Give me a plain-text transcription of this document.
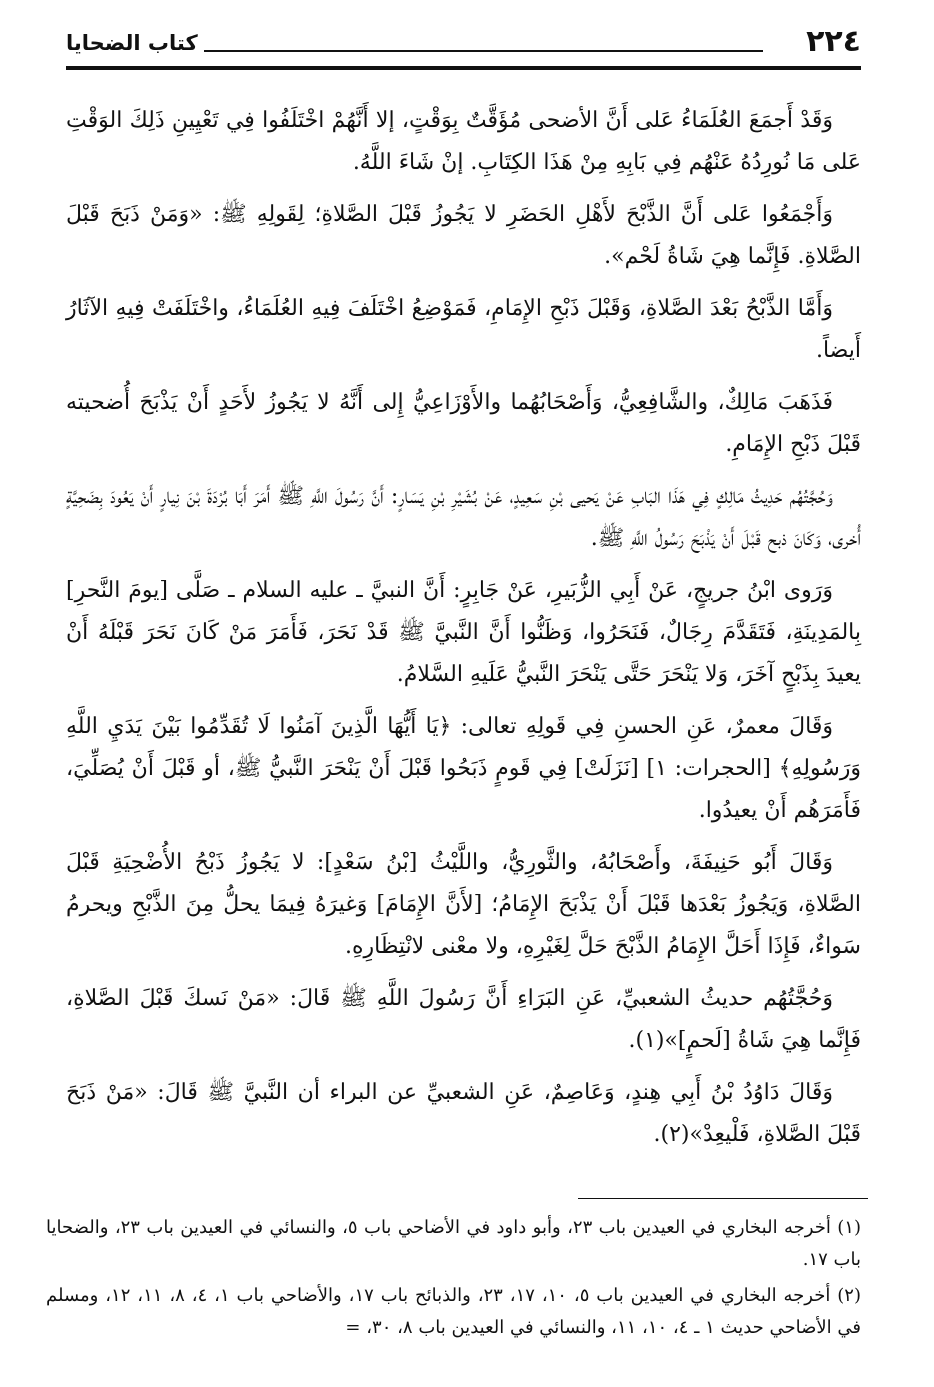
٢٢٤
كتاب الضحايا

وَقَدْ أَجمَعَ العُلَمَاءُ عَلى أَنَّ الأضحى مُؤَقَّتٌ بِوَقْتٍ، إلا أَنَّهُمْ اخْتَلَفُوا فِي تَعْيِينِ ذَلِكَ الوَقْتِ عَلى مَا نُورِدُهُ عَنْهُم فِي بَابِهِ مِنْ هَذَا الكِتَابِ. إنْ شَاءَ اللَّهُ.

وَأَجْمَعُوا عَلى أَنَّ الذَّبْحَ لأَهْلِ الحَضَرِ لا يَجُوزُ قَبْلَ الصَّلاةِ؛ لِقَولِهِ ﷺ: «وَمَنْ ذَبَحَ قَبْلَ الصَّلاةِ. فَإِنَّما هِيَ شَاةُ لَحْم».

وَأَمَّا الذَّبْحُ بَعْدَ الصَّلاةِ، وَقَبْلَ ذَبْحِ الإِمَامِ، فَمَوْضِعُ اخْتَلَفَ فِيهِ العُلَمَاءُ، واخْتَلَفَتْ فِيهِ الآثَارُ أَيضاً.

فَذَهَبَ مَالِكٌ، والشَّافِعِيُّ، وَأَصْحَابُهُما والأَوْزَاعِيُّ إِلى أَنَّهُ لا يَجُوزُ لأَحَدٍ أَنْ يَذْبَحَ أُضحيته قَبْلَ ذَبْحِ الإِمَامِ.

وَحُجَّتُهُم حَدِيثُ مَالِكٍ فِي هَذَا البَابِ عَنْ يَحيى بْنِ سَعِيدٍ، عَنْ بُشَيْرِ بْنِ يَسَارٍ: أَنَّ رَسُولَ اللَّهِ ﷺ أَمَرَ أَبَا بُرْدَةَ بْنَ نِيارٍ أَنْ يَعُودَ بِضَحِيَّةٍ أُخرى، وَكَانَ ذبح قَبْلَ أَنْ يَذْبَحَ رَسُولُ اللَّهِ ﷺ.

وَرَوى ابْنُ جريجٍ، عَنْ أَبِي الزُّبَيرِ، عَنْ جَابِرٍ: أَنَّ النبيَّ ـ عليه السلام ـ صَلَّى [يومَ النَّحرِ] بِالمَدِينَةِ، فَتَقَدَّمَ رِجَالٌ، فَنَحَرُوا، وَظَنُّوا أَنَّ النَّبيَّ ﷺ قَدْ نَحَرَ، فَأَمَرَ مَنْ كَانَ نَحَرَ قَبْلَهُ أَنْ يعيدَ بِذَبْحٍ آخَرَ، وَلا يَنْحَرَ حَتَّى يَنْحَرَ النَّبيُّ عَلَيهِ السَّلامُ.

وَقَالَ معمرٌ، عَنِ الحسنِ فِي قَولِهِ تعالى: ﴿يَا أَيُّهَا الَّذِينَ آمَنُوا لَا تُقَدِّمُوا بَيْنَ يَدَيِ اللَّهِ وَرَسُولِهِ﴾ [الحجرات: ١] [نَزَلَتْ] فِي قَومٍ ذَبَحُوا قَبْلَ أَنْ يَنْحَرَ النَّبيُّ ﷺ، أو قَبْلَ أَنْ يُصَلِّيَ، فَأَمَرَهُم أَنْ يعيدُوا.

وَقَالَ أَبُو حَنِيفَةَ، وأَصْحَابُهُ، والثَّورِيُّ، واللَّيْثُ [بْنُ سَعْدٍ]: لا يَجُوزُ ذَبْحُ الأُضْحِيَةِ قَبْلَ الصَّلاةِ، وَيَجُوزُ بَعْدَها قَبْلَ أَنْ يَذْبَحَ الإِمَامُ؛ [لأَنَّ الإِمَامَ] وَغيرَهُ فِيمَا يحلُّ مِنَ الذَّبْحِ ويحرمُ سَواءٌ، فَإِذَا أَحَلَّ الإِمَامُ الذَّبْحَ حَلَّ لِغَيْرِهِ، ولا معْنى لانْتِظَارِهِ.

وَحُجَّتُهُم حديثُ الشعبيِّ، عَنِ البَرَاءِ أَنَّ رَسُولَ اللَّهِ ﷺ قَالَ: «مَنْ نَسكَ قَبْلَ الصَّلاةِ، فَإِنَّما هِيَ شَاةُ [لَحمٍ]»(١).

وَقَالَ دَاوُدُ بْنُ أَبِي هِندٍ، وَعَاصِمٌ، عَنِ الشعبيِّ عن البراء أن النَّبيَّ ﷺ قَالَ: «مَنْ ذَبَحَ قَبْلَ الصَّلاةِ، فَلْيعِدْ»(٢).

(١) أخرجه البخاري في العيدين باب ٢٣، وأبو داود في الأضاحي باب ٥، والنسائي في العيدين باب ٢٣، والضحايا باب ١٧.

(٢) أخرجه البخاري في العيدين باب ٥، ١٠، ١٧، ٢٣، والذبائح باب ١٧، والأضاحي باب ١، ٤، ٨، ١١، ١٢، ومسلم في الأضاحي حديث ١ ـ ٤، ١٠، ١١، والنسائي في العيدين باب ٨، ٣٠، =
